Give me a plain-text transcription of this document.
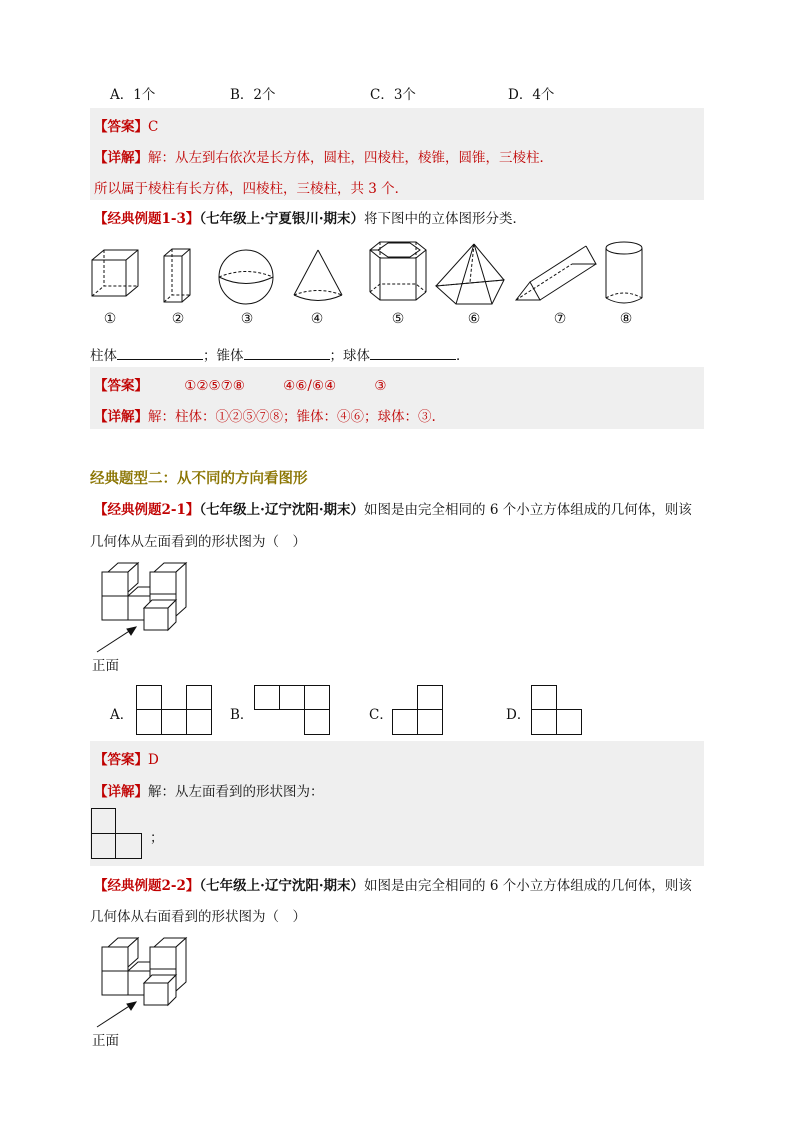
A．1个	B．2个	C．3个	D．4个
【答案】C
【详解】解：从左到右依次是长方体，圆柱，四棱柱，棱锥，圆锥，三棱柱．
所以属于棱柱有长方体，四棱柱，三棱柱，共 3 个．
【经典例题1-3】（七年级上·宁夏银川·期末）将下图中的立体图形分类．
①	②	③	④	⑤	⑥	⑦	⑧
柱体	；锥体	；球体	．
【答案】	①②⑤⑦⑧	④⑥/⑥④	③
【详解】解：柱体：①②⑤⑦⑧；锥体：④⑥；球体：③.
经典题型二：从不同的方向看图形
【经典例题2-1】（七年级上·辽宁沈阳·期末）如图是由完全相同的 6 个小立方体组成的几何体，则该
几何体从左面看到的形状图为（　）
正面
A．	B．	C．	D．
【答案】D
【详解】解：从左面看到的形状图为：
；
【经典例题2-2】（七年级上·辽宁沈阳·期末）如图是由完全相同的 6 个小立方体组成的几何体，则该
几何体从右面看到的形状图为（　）
正面
